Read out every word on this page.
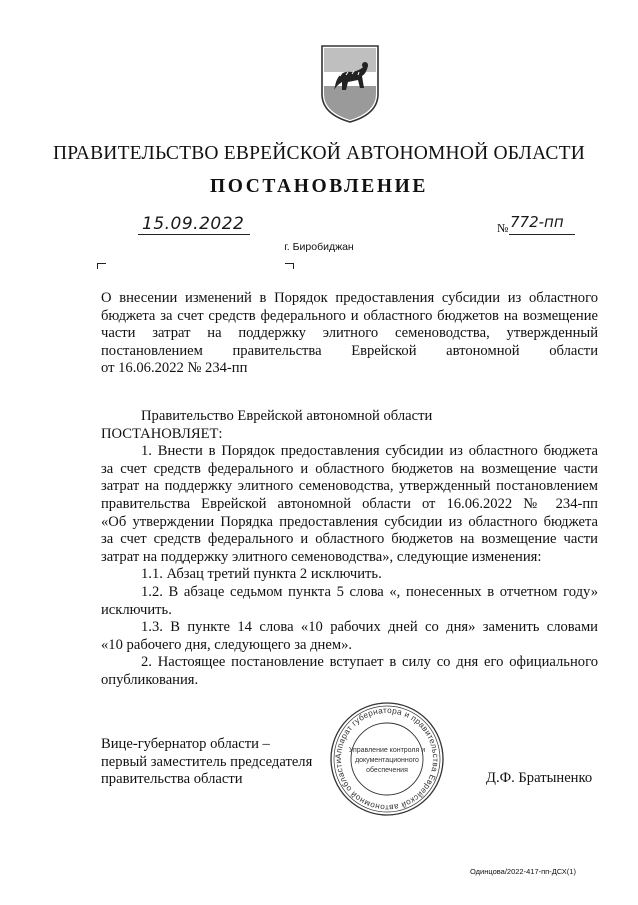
ПРАВИТЕЛЬСТВО ЕВРЕЙСКОЙ АВТОНОМНОЙ ОБЛАСТИ
ПОСТАНОВЛЕНИЕ
15.09.2022	№ 772-пп
г. Биробиджан
О внесении изменений в Порядок предоставления субсидии из областного
бюджета за счет средств федерального и областного бюджетов на возмещение
части затрат на поддержку элитного семеноводства, утвержденный
постановлением правительства Еврейской автономной области
от 16.06.2022 № 234-пп
Правительство Еврейской автономной области
ПОСТАНОВЛЯЕТ:
1. Внести в Порядок предоставления субсидии из областного бюджета
за счет средств федерального и областного бюджетов на возмещение части
затрат на поддержку элитного семеноводства, утвержденный постановлением
правительства Еврейской автономной области от 16.06.2022 № 234-пп
«Об утверждении Порядка предоставления субсидии из областного бюджета
за счет средств федерального и областного бюджетов на возмещение части
затрат на поддержку элитного семеноводства», следующие изменения:
1.1. Абзац третий пункта 2 исключить.
1.2. В абзаце седьмом пункта 5 слова «, понесенных в отчетном году»
исключить.
1.3. В пункте 14 слова «10 рабочих дней со дня» заменить словами
«10 рабочего дня, следующего за днем».
2. Настоящее постановление вступает в силу со дня его официального
опубликования.
Вице-губернатор области –
первый заместитель председателя
правительства области	Д.Ф. Братыненко
Аппарат губернатора и правительства Еврейской автономной области
Управление контроля и
документационного
обеспечения
Одинцова/2022-417-пп-ДСХ(1)
